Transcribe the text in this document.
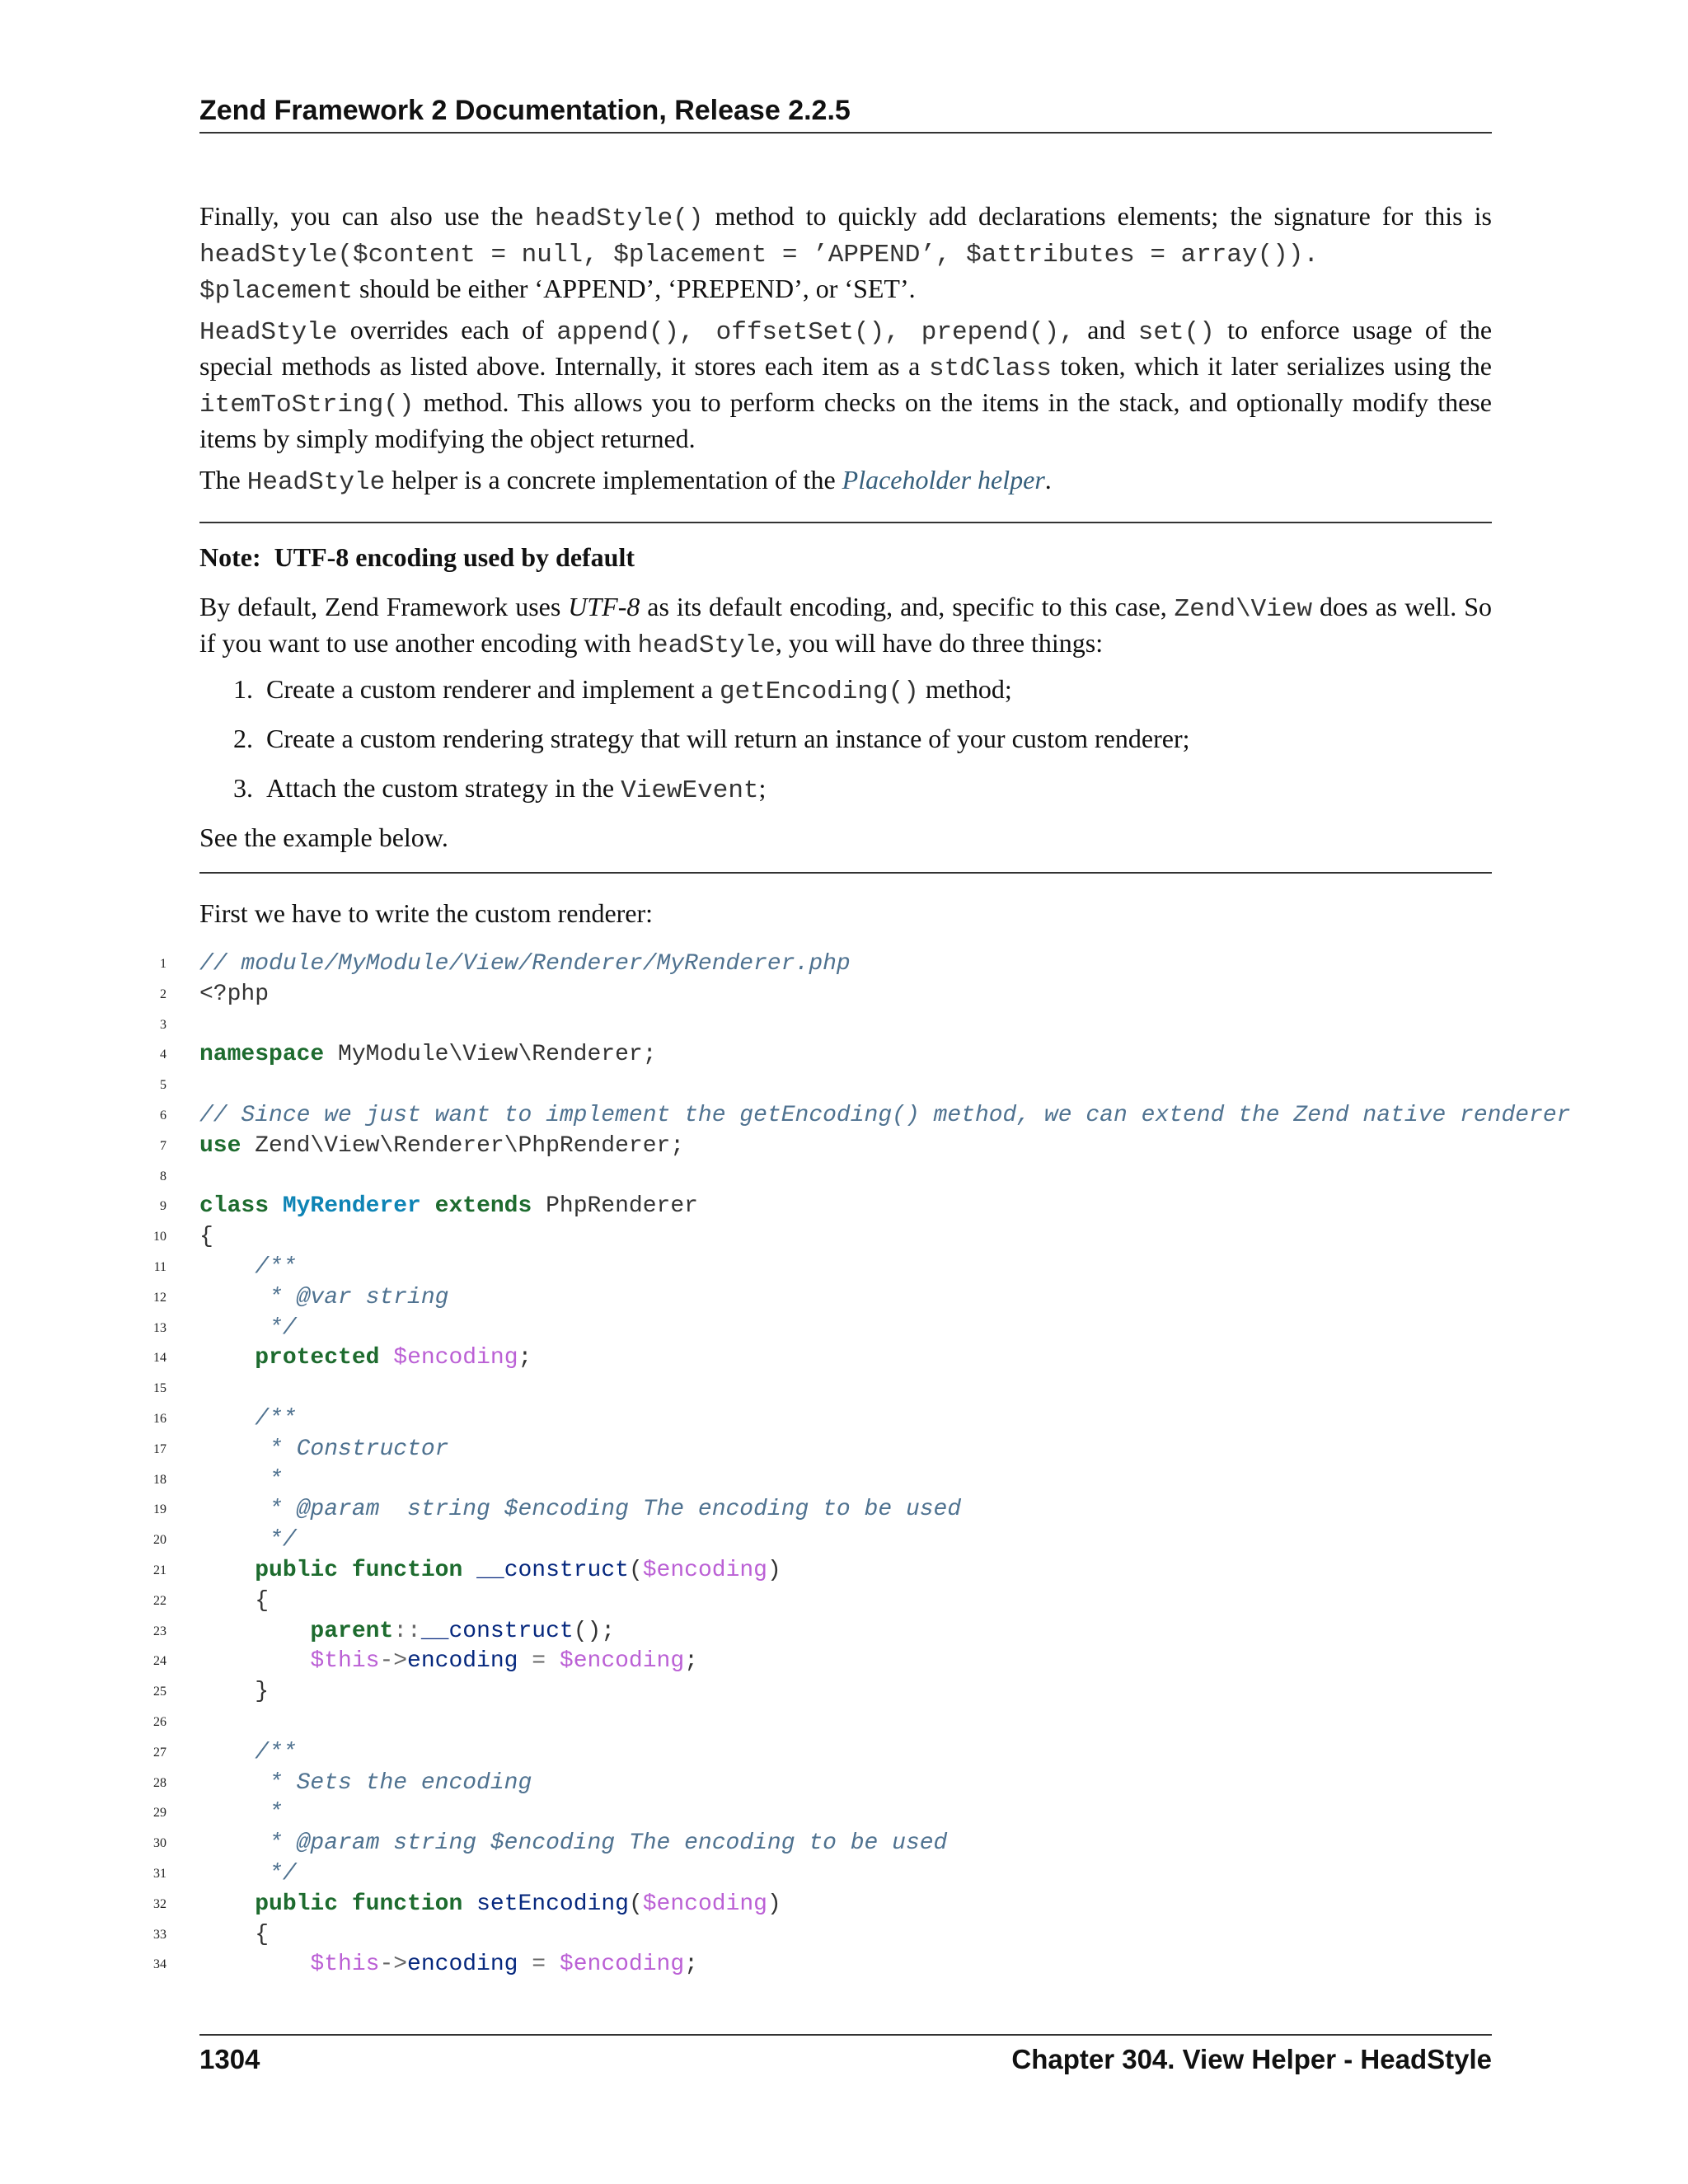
Zend Framework 2 Documentation, Release 2.2.5
Finally, you can also use the headStyle() method to quickly add declarations elements; the signature for this is headStyle($content = null, $placement = ’APPEND’, $attributes = array()).
$placement should be either ‘APPEND’, ‘PREPEND’, or ‘SET’.
HeadStyle overrides each of append(), offsetSet(), prepend(), and set() to enforce usage of the special methods as listed above. Internally, it stores each item as a stdClass token, which it later serializes using the itemToString() method. This allows you to perform checks on the items in the stack, and optionally modify these items by simply modifying the object returned.
The HeadStyle helper is a concrete implementation of the Placeholder helper.
Note: UTF-8 encoding used by default
By default, Zend Framework uses UTF-8 as its default encoding, and, specific to this case, Zend\View does as well. So if you want to use another encoding with headStyle, you will have do three things:
1. Create a custom renderer and implement a getEncoding() method;
2. Create a custom rendering strategy that will return an instance of your custom renderer;
3. Attach the custom strategy in the ViewEvent;
See the example below.
First we have to write the custom renderer:
1 // module/MyModule/View/Renderer/MyRenderer.php
2 <?php
3
4 namespace MyModule\View\Renderer;
5
6 // Since we just want to implement the getEncoding() method, we can extend the Zend native renderer
7 use Zend\View\Renderer\PhpRenderer;
8
9 class MyRenderer extends PhpRenderer
10 {
11	/**
12	* @var string
13	*/
14	protected $encoding;
15
16	/**
17	* Constructor
18	*
19	* @param  string $encoding The encoding to be used
20	*/
21	public function __construct($encoding)
22 {
23	parent::__construct();
24	$this->encoding = $encoding;
25 }
26
27	/**
28	* Sets the encoding
29	*
30	* @param string $encoding The encoding to be used
31	*/
32	public function setEncoding($encoding)
33 {
34	$this->encoding = $encoding;
1304	Chapter 304. View Helper - HeadStyle
